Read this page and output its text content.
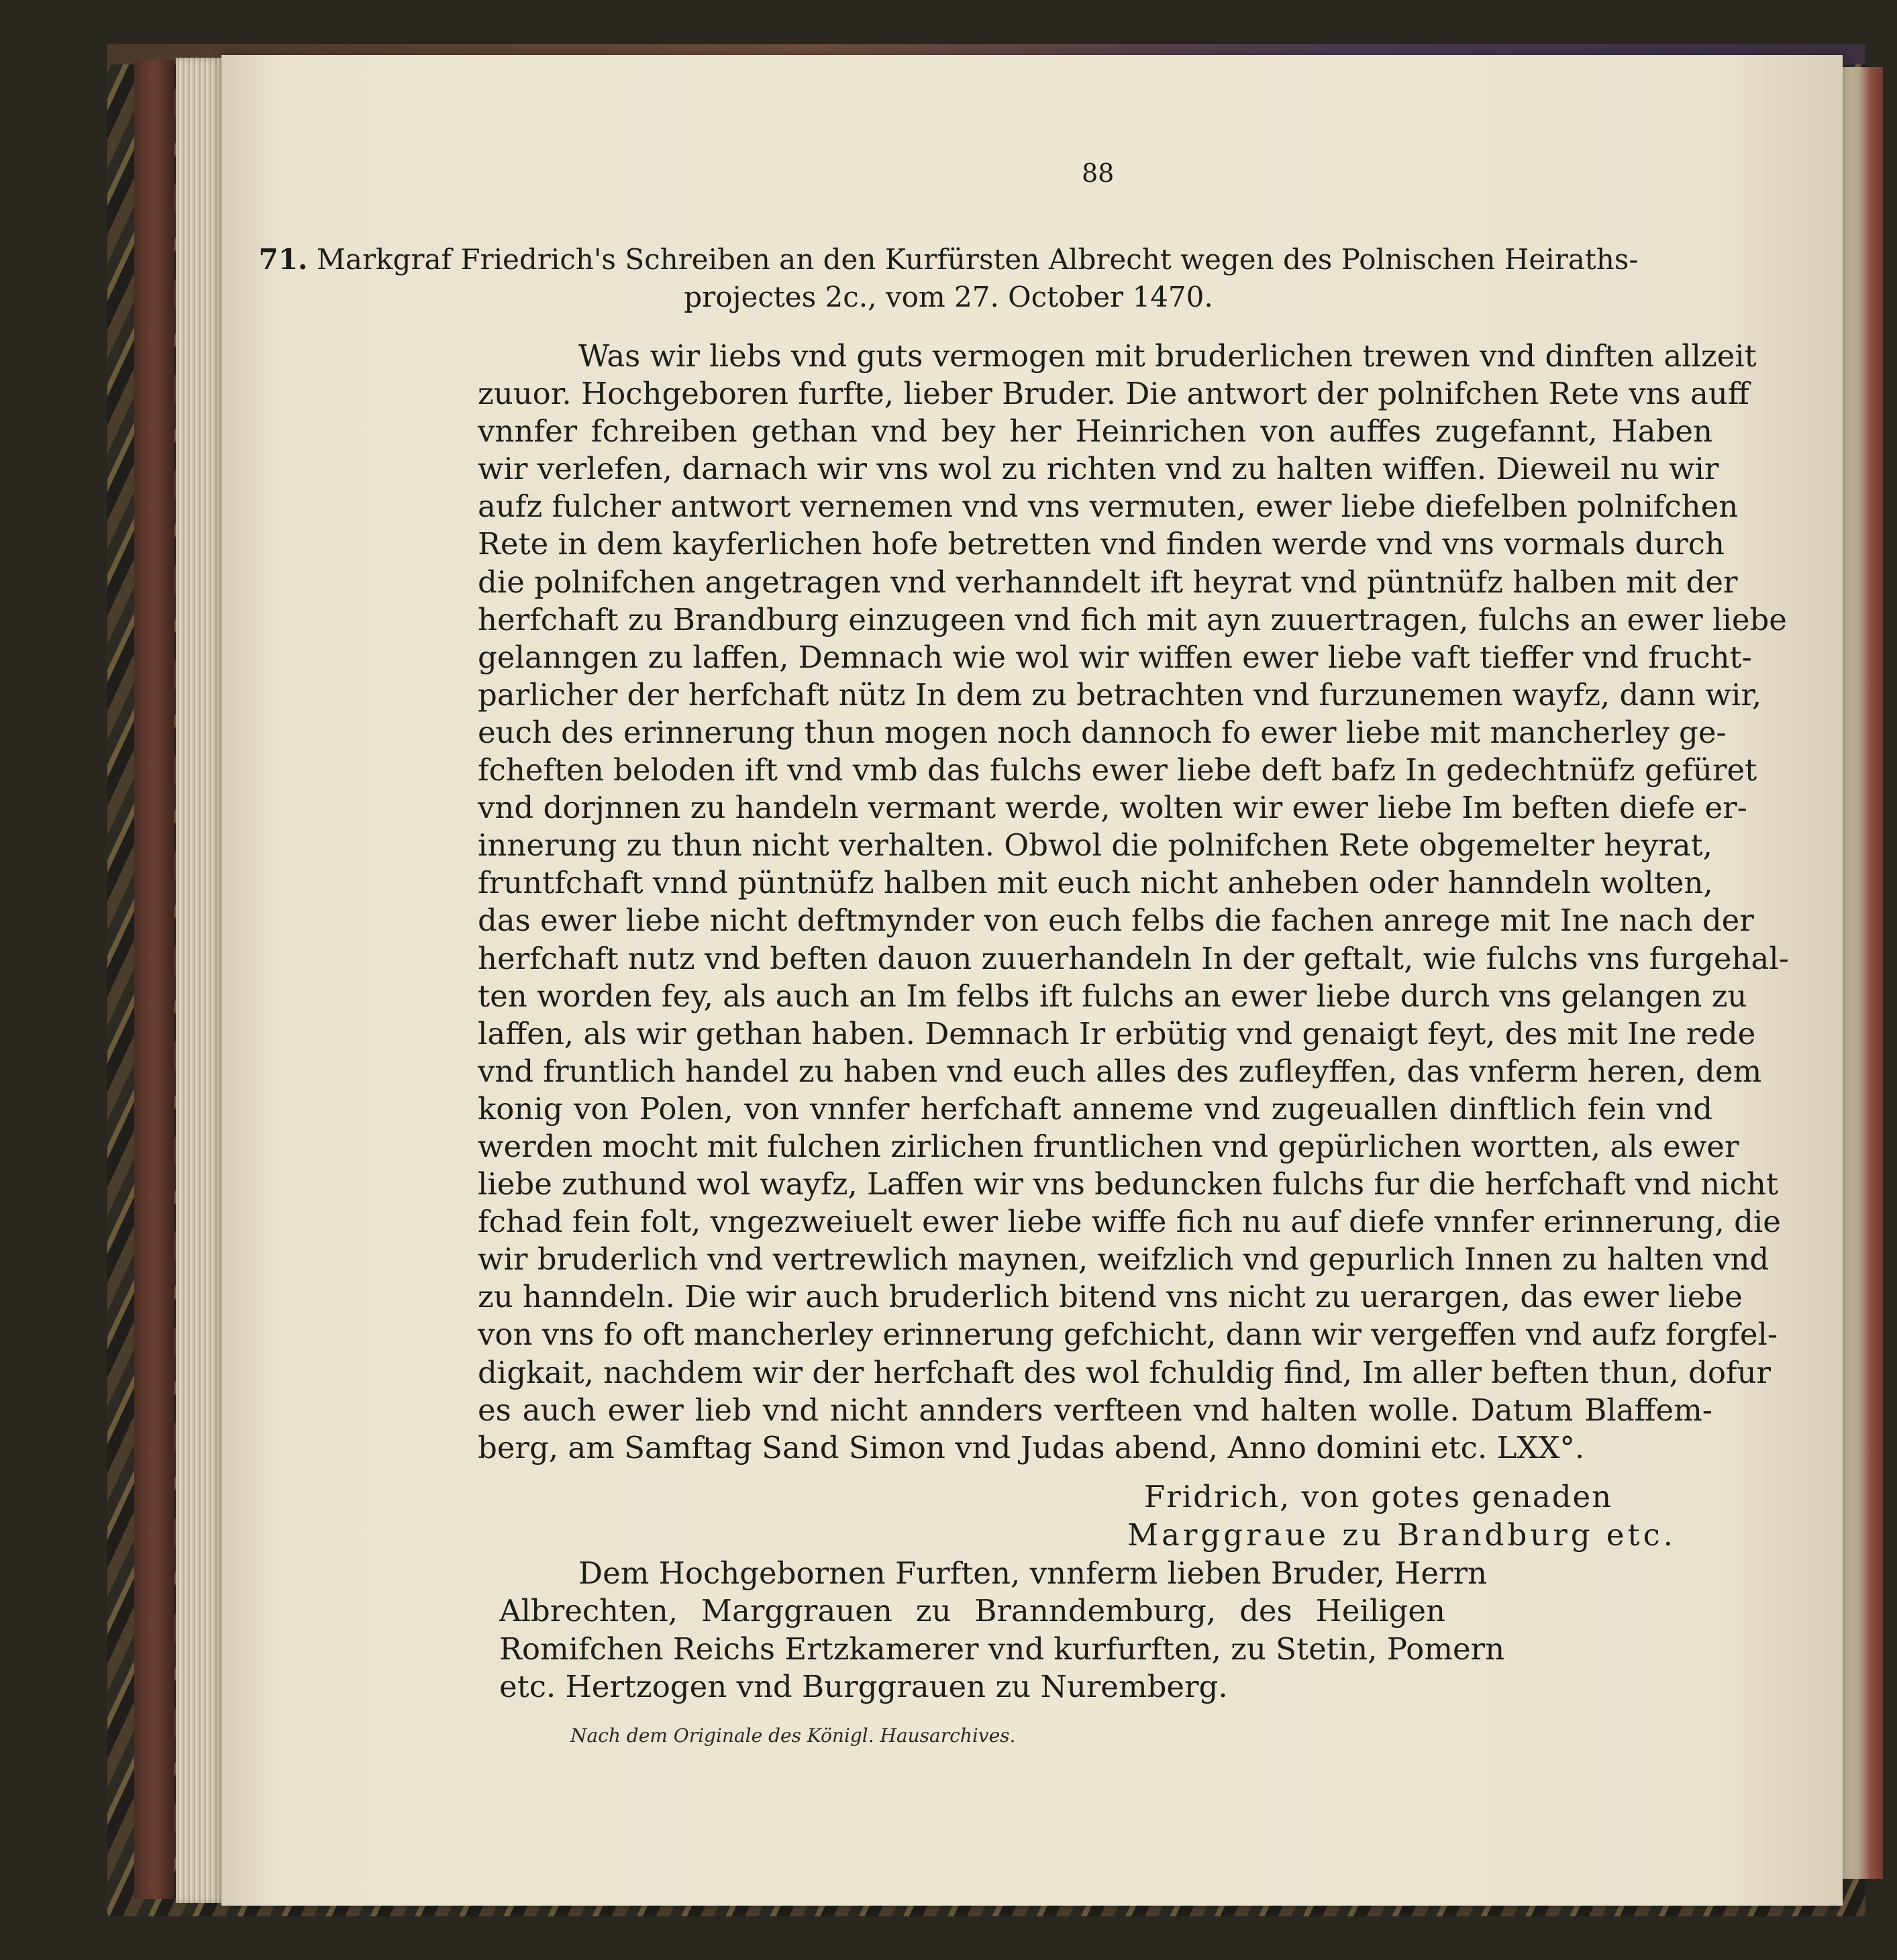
88
71. Markgraf Friedrich's Schreiben an den Kurfürsten Albrecht wegen des Polnischen Heiraths-
projectes 2c., vom 27. October 1470.
Was wir liebs vnd guts vermogen mit bruderlichen trewen vnd dinften allzeit
zuuor. Hochgeboren furfte, lieber Bruder. Die antwort der polnifchen Rete vns auff
vnnfer fchreiben gethan vnd bey her Heinrichen von auffes zugefannt, Haben
wir verlefen, darnach wir vns wol zu richten vnd zu halten wiffen. Dieweil nu wir
aufz fulcher antwort vernemen vnd vns vermuten, ewer liebe diefelben polnifchen
Rete in dem kayferlichen hofe betretten vnd finden werde vnd vns vormals durch
die polnifchen angetragen vnd verhanndelt ift heyrat vnd püntnüfz halben mit der
herfchaft zu Brandburg einzugeen vnd fich mit ayn zuuertragen, fulchs an ewer liebe
gelanngen zu laffen, Demnach wie wol wir wiffen ewer liebe vaft tieffer vnd frucht-
parlicher der herfchaft nütz In dem zu betrachten vnd furzunemen wayfz, dann wir,
euch des erinnerung thun mogen noch dannoch fo ewer liebe mit mancherley ge-
fcheften beloden ift vnd vmb das fulchs ewer liebe deft bafz In gedechtnüfz gefüret
vnd dorjnnen zu handeln vermant werde, wolten wir ewer liebe Im beften diefe er-
innerung zu thun nicht verhalten. Obwol die polnifchen Rete obgemelter heyrat,
fruntfchaft vnnd püntnüfz halben mit euch nicht anheben oder hanndeln wolten,
das ewer liebe nicht deftmynder von euch felbs die fachen anrege mit Ine nach der
herfchaft nutz vnd beften dauon zuuerhandeln In der geftalt, wie fulchs vns furgehal-
ten worden fey, als auch an Im felbs ift fulchs an ewer liebe durch vns gelangen zu
laffen, als wir gethan haben. Demnach Ir erbütig vnd genaigt feyt, des mit Ine rede
vnd fruntlich handel zu haben vnd euch alles des zufleyffen, das vnferm heren, dem
konig von Polen, von vnnfer herfchaft anneme vnd zugeuallen dinftlich fein vnd
werden mocht mit fulchen zirlichen fruntlichen vnd gepürlichen wortten, als ewer
liebe zuthund wol wayfz, Laffen wir vns beduncken fulchs fur die herfchaft vnd nicht
fchad fein folt, vngezweiuelt ewer liebe wiffe fich nu auf diefe vnnfer erinnerung, die
wir bruderlich vnd vertrewlich maynen, weifzlich vnd gepurlich Innen zu halten vnd
zu hanndeln. Die wir auch bruderlich bitend vns nicht zu uerargen, das ewer liebe
von vns fo oft mancherley erinnerung gefchicht, dann wir vergeffen vnd aufz forgfel-
digkait, nachdem wir der herfchaft des wol fchuldig find, Im aller beften thun, dofur
es auch ewer lieb vnd nicht annders verfteen vnd halten wolle. Datum Blaffem-
berg, am Samftag Sand Simon vnd Judas abend, Anno domini etc. LXX°.
Fridrich, von gotes genaden
Marggraue zu Brandburg etc.
Dem Hochgebornen Furften, vnnferm lieben Bruder, Herrn
Albrechten, Marggrauen zu Branndemburg, des Heiligen
Romifchen Reichs Ertzkamerer vnd kurfurften, zu Stetin, Pomern
etc. Hertzogen vnd Burggrauen zu Nuremberg.
Nach dem Originale des Königl. Hausarchives.
